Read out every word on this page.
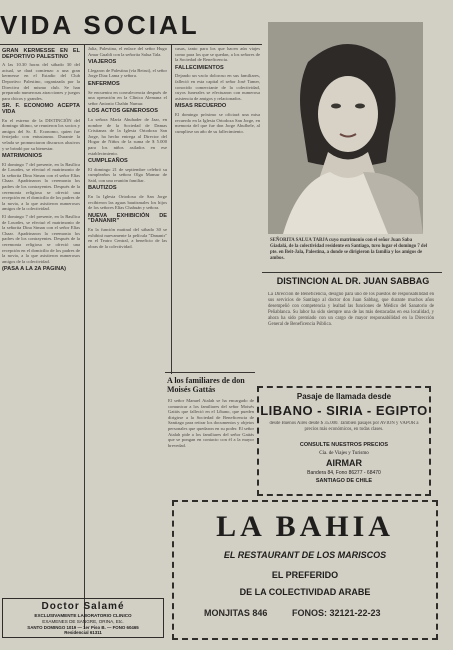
VIDA SOCIAL
GRAN KERMESSE EN EL DEPORTIVO PALESTINO

A las 10.30 horas del sábado 30 del actual, se dará comienzo a una gran kermesse en el Estadio del Club Deportivo Palestino, organizada por la Directiva del mismo club. Se han preparado numerosas atracciones y juegos para chicos y grandes.

SR. F. ECONOMO ACEPTA VIDA

En el estreno de la DISTINCIÓN del domingo último, se reunieron los socios y amigos del Sr. E. Economo, quien fue festejado con entusiasmo. Durante la velada se pronunciaron discursos alusivos y se brindó por su bienestar.

MATRIMONIOS

El domingo 7 del presente, en la Basílica de Lourdes, se efectuó el matrimonio de la señorita Dina Siman con el señor Elías Chaar. Apadrinaron la ceremonia los padres de los contrayentes. Después de la ceremonia religiosa se ofreció una recepción en el domicilio de los padres de la novia, a la que asistieron numerosos amigos de la colectividad.

El domingo 7 del presente, en la Basílica de Lourdes, se efectuó el matrimonio de la señorita Dina Siman con el señor Elías Chaar. Apadrinaron la ceremonia los padres de los contrayentes. Después de la ceremonia religiosa se ofreció una recepción en el domicilio de los padres de la novia, a la que asistieron numerosos amigos de la colectividad.

(PASA A LA 2A PAGINA)

Jalia, Palestina, el enlace del señor Hugo Amar Gualdi con la señorita Salua Tala.

VIAJEROS

Llegaron de Palestina (vía Beirut), el señor Jorge Diaz Lama y señora.

ENFERMOS

Se encuentra en convalecencia después de una operación en la Clínica Alemana el señor Antonio Chahín Numur.

LOS ACTOS GENEROSOS

La señora María Abuhader de Jaar, en nombre de la Sociedad de Damas Cristianas de la Iglesia Ortodoxa San Jorge, ha hecho entrega al Director del Hogar de Niños de la suma de $ 5.000 para los niños asilados en ese establecimiento.

CUMPLEAÑOS

El domingo 21 de septiembre celebró su cumpleaños la señora Olga Mansur de Said, con una reunión familiar.

BAUTIZOS

En la Iglesia Ortodoxa de San Jorge recibieron las aguas bautismales los hijos de los señores Elías Chahuán y señora.

NUEVA EXHIBICIÓN DE "DANANIR"

En la función matinal del sábado 30 se exhibirá nuevamente la película "Dananir" en el Teatro Central, a beneficio de las obras de la colectividad.

casas, tanto para los que hacen aún viajes como para los que se quedan, a los señores de la Sociedad de Beneficencia.

FALLECIMIENTOS

Dejando un vacío doloroso en sus familiares, falleció en esta capital el señor José Tamer, conocido comerciante de la colectividad, cuyos funerales se efectuaron con numerosa asistencia de amigos y relacionados.

MISAS RECUERDO

El domingo próximo se oficiará una misa recuerdo en la Iglesia Ortodoxa San Jorge, en memoria del que fue don Jorge Abufhele, al cumplirse un año de su fallecimiento.

SEÑORITA SALUA TABJA cuyo matrimonio con el señor Juan Saba Giadalá, de la colectividad residente en Santiago, tuvo lugar el domingo 7 del pte. en Beit-Jala, Palestina, a donde se dirigieron la familia y los amigos de ambos.
DISTINCION AL DR. JUAN SABBAG
La Dirección de Beneficencia, designó para uno de los puestos de responsabilidad en sus servicios de Santiago al doctor don Juan Sabbag, que durante muchos años desempeñó con competencia y lealtad las funciones de Médico del Sanatorio de Peñablanca. Su labor ha sido siempre una de las más destacadas en esa localidad, y ahora ha sido premiado con un cargo de mayor responsabilidad en la Dirección General de Beneficencia Pública.
A los familiares de don Moisés Gattás
El señor Manuel Atalah se ha encargado de comunicar a los familiares del señor Moisés Gattás que falleció en el Líbano, que pueden dirigirse a la Sociedad de Beneficencia de Santiago para retirar los documentos y objetos personales que quedaron en su poder. El señor Atalah pide a los familiares del señor Gattás que se pongan en contacto con él a la mayor brevedad.
Pasaje de llamada desde
LIBANO - SIRIA - EGIPTO
desde Buenos Aires desde $ 35.000. También pasajes por AVIÓN y VAPOR a precios más económicos, en todas clases.
CONSULTE NUESTROS PRECIOS
Cía. de Viajes y Turismo
AIRMAR
Bandera 84, Fono 86277 - 68470
SANTIAGO DE CHILE
LA BAHIA
EL RESTAURANT DE LOS MARISCOS
EL PREFERIDO
DE LA COLECTIVIDAD ARABE
MONJITAS 846	FONOS: 32121-22-23
Doctor Salamé
EXCLUSIVAMENTE LABORATORIO CLINICO
EXAMENES DE SANGRE, ORINA, Etc.
SANTO DOMINGO 1019 — 1er Piso B. — FONO 60465
Residencial 61311
